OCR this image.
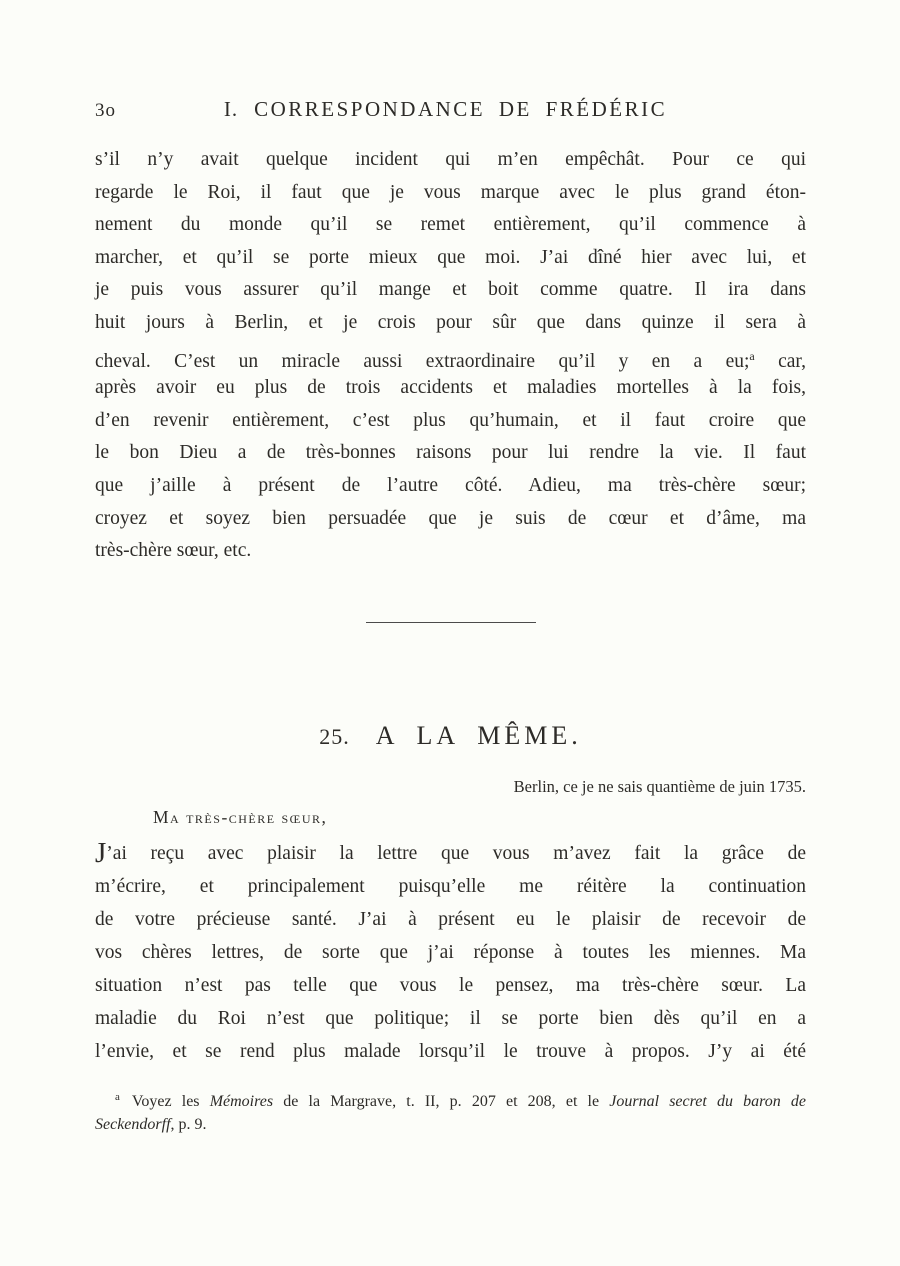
3o	I. CORRESPONDANCE DE FRÉDÉRIC
s’il n’y avait quelque incident qui m’en empêchât. Pour ce qui
regarde le Roi, il faut que je vous marque avec le plus grand éton-
nement du monde qu’il se remet entièrement, qu’il commence à
marcher, et qu’il se porte mieux que moi. J’ai dîné hier avec lui, et
je puis vous assurer qu’il mange et boit comme quatre. Il ira dans
huit jours à Berlin, et je crois pour sûr que dans quinze il sera à
cheval. C’est un miracle aussi extraordinaire qu’il y en a eu;$^a$ car,
après avoir eu plus de trois accidents et maladies mortelles à la fois,
d’en revenir entièrement, c’est plus qu’humain, et il faut croire que
le bon Dieu a de très-bonnes raisons pour lui rendre la vie. Il faut
que j’aille à présent de l’autre côté. Adieu, ma très-chère sœur;
croyez et soyez bien persuadée que je suis de cœur et d’âme, ma
très-chère sœur, etc.
25. A LA MÊME.
Berlin, ce je ne sais quantième de juin 1735.
Ma très-chère sœur,
J’ai reçu avec plaisir la lettre que vous m’avez fait la grâce de
m’écrire, et principalement puisqu’elle me réitère la continuation
de votre précieuse santé. J’ai à présent eu le plaisir de recevoir de
vos chères lettres, de sorte que j’ai réponse à toutes les miennes. Ma
situation n’est pas telle que vous le pensez, ma très-chère sœur. La
maladie du Roi n’est que politique; il se porte bien dès qu’il en a
l’envie, et se rend plus malade lorsqu’il le trouve à propos. J’y ai été
$^a$ Voyez les Mémoires de la Margrave, t. II, p. 207 et 208, et le Journal secret du baron de
Seckendorff, p. 9.
